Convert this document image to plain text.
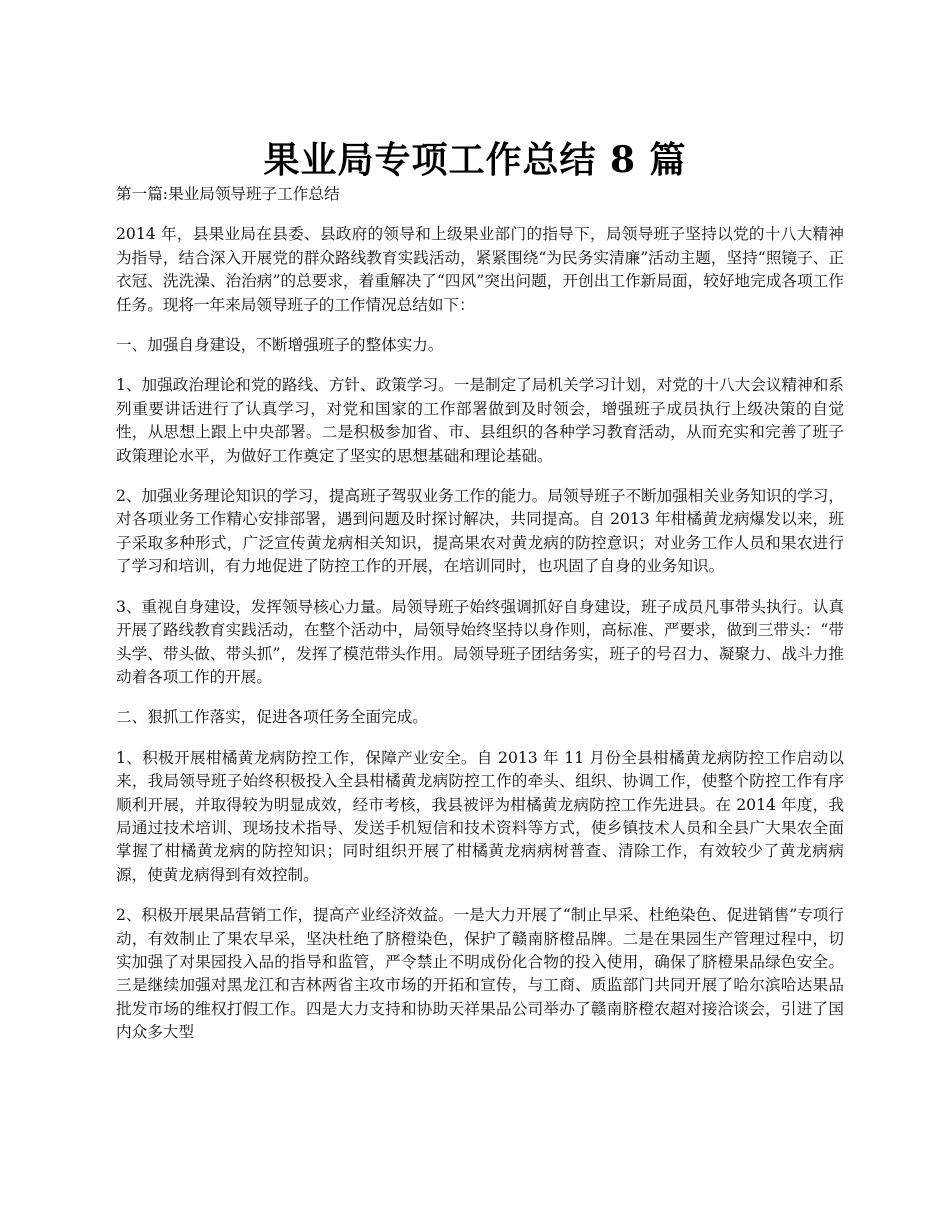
果业局专项工作总结 8 篇

第一篇:果业局领导班子工作总结

2014 年，县果业局在县委、县政府的领导和上级果业部门的指导下，局领导班子坚持以党的十八大精神为指导，结合深入开展党的群众路线教育实践活动，紧紧围绕“为民务实清廉”活动主题，坚持“照镜子、正衣冠、洗洗澡、治治病”的总要求，着重解决了“四风”突出问题，开创出工作新局面，较好地完成各项工作任务。现将一年来局领导班子的工作情况总结如下：

一、加强自身建设，不断增强班子的整体实力。

1、加强政治理论和党的路线、方针、政策学习。一是制定了局机关学习计划，对党的十八大会议精神和系列重要讲话进行了认真学习，对党和国家的工作部署做到及时领会，增强班子成员执行上级决策的自觉性，从思想上跟上中央部署。二是积极参加省、市、县组织的各种学习教育活动，从而充实和完善了班子政策理论水平，为做好工作奠定了坚实的思想基础和理论基础。

2、加强业务理论知识的学习，提高班子驾驭业务工作的能力。局领导班子不断加强相关业务知识的学习，对各项业务工作精心安排部署，遇到问题及时探讨解决，共同提高。自 2013 年柑橘黄龙病爆发以来，班子采取多种形式，广泛宣传黄龙病相关知识，提高果农对黄龙病的防控意识；对业务工作人员和果农进行了学习和培训，有力地促进了防控工作的开展，在培训同时，也巩固了自身的业务知识。

3、重视自身建设，发挥领导核心力量。局领导班子始终强调抓好自身建设，班子成员凡事带头执行。认真开展了路线教育实践活动，在整个活动中，局领导始终坚持以身作则，高标准、严要求，做到三带头：“带头学、带头做、带头抓”，发挥了模范带头作用。局领导班子团结务实，班子的号召力、凝聚力、战斗力推动着各项工作的开展。

二、狠抓工作落实，促进各项任务全面完成。

1、积极开展柑橘黄龙病防控工作，保障产业安全。自 2013 年 11 月份全县柑橘黄龙病防控工作启动以来，我局领导班子始终积极投入全县柑橘黄龙病防控工作的牵头、组织、协调工作，使整个防控工作有序顺利开展，并取得较为明显成效，经市考核，我县被评为柑橘黄龙病防控工作先进县。在 2014 年度，我局通过技术培训、现场技术指导、发送手机短信和技术资料等方式，使乡镇技术人员和全县广大果农全面掌握了柑橘黄龙病的防控知识；同时组织开展了柑橘黄龙病病树普查、清除工作，有效较少了黄龙病病源，使黄龙病得到有效控制。

2、积极开展果品营销工作，提高产业经济效益。一是大力开展了“制止早采、杜绝染色、促进销售”专项行动，有效制止了果农早采，坚决杜绝了脐橙染色，保护了赣南脐橙品牌。二是在果园生产管理过程中，切实加强了对果园投入品的指导和监管，严令禁止不明成份化合物的投入使用，确保了脐橙果品绿色安全。三是继续加强对黑龙江和吉林两省主攻市场的开拓和宣传，与工商、质监部门共同开展了哈尔滨哈达果品批发市场的维权打假工作。四是大力支持和协助天祥果品公司举办了赣南脐橙农超对接洽谈会，引进了国内众多大型
